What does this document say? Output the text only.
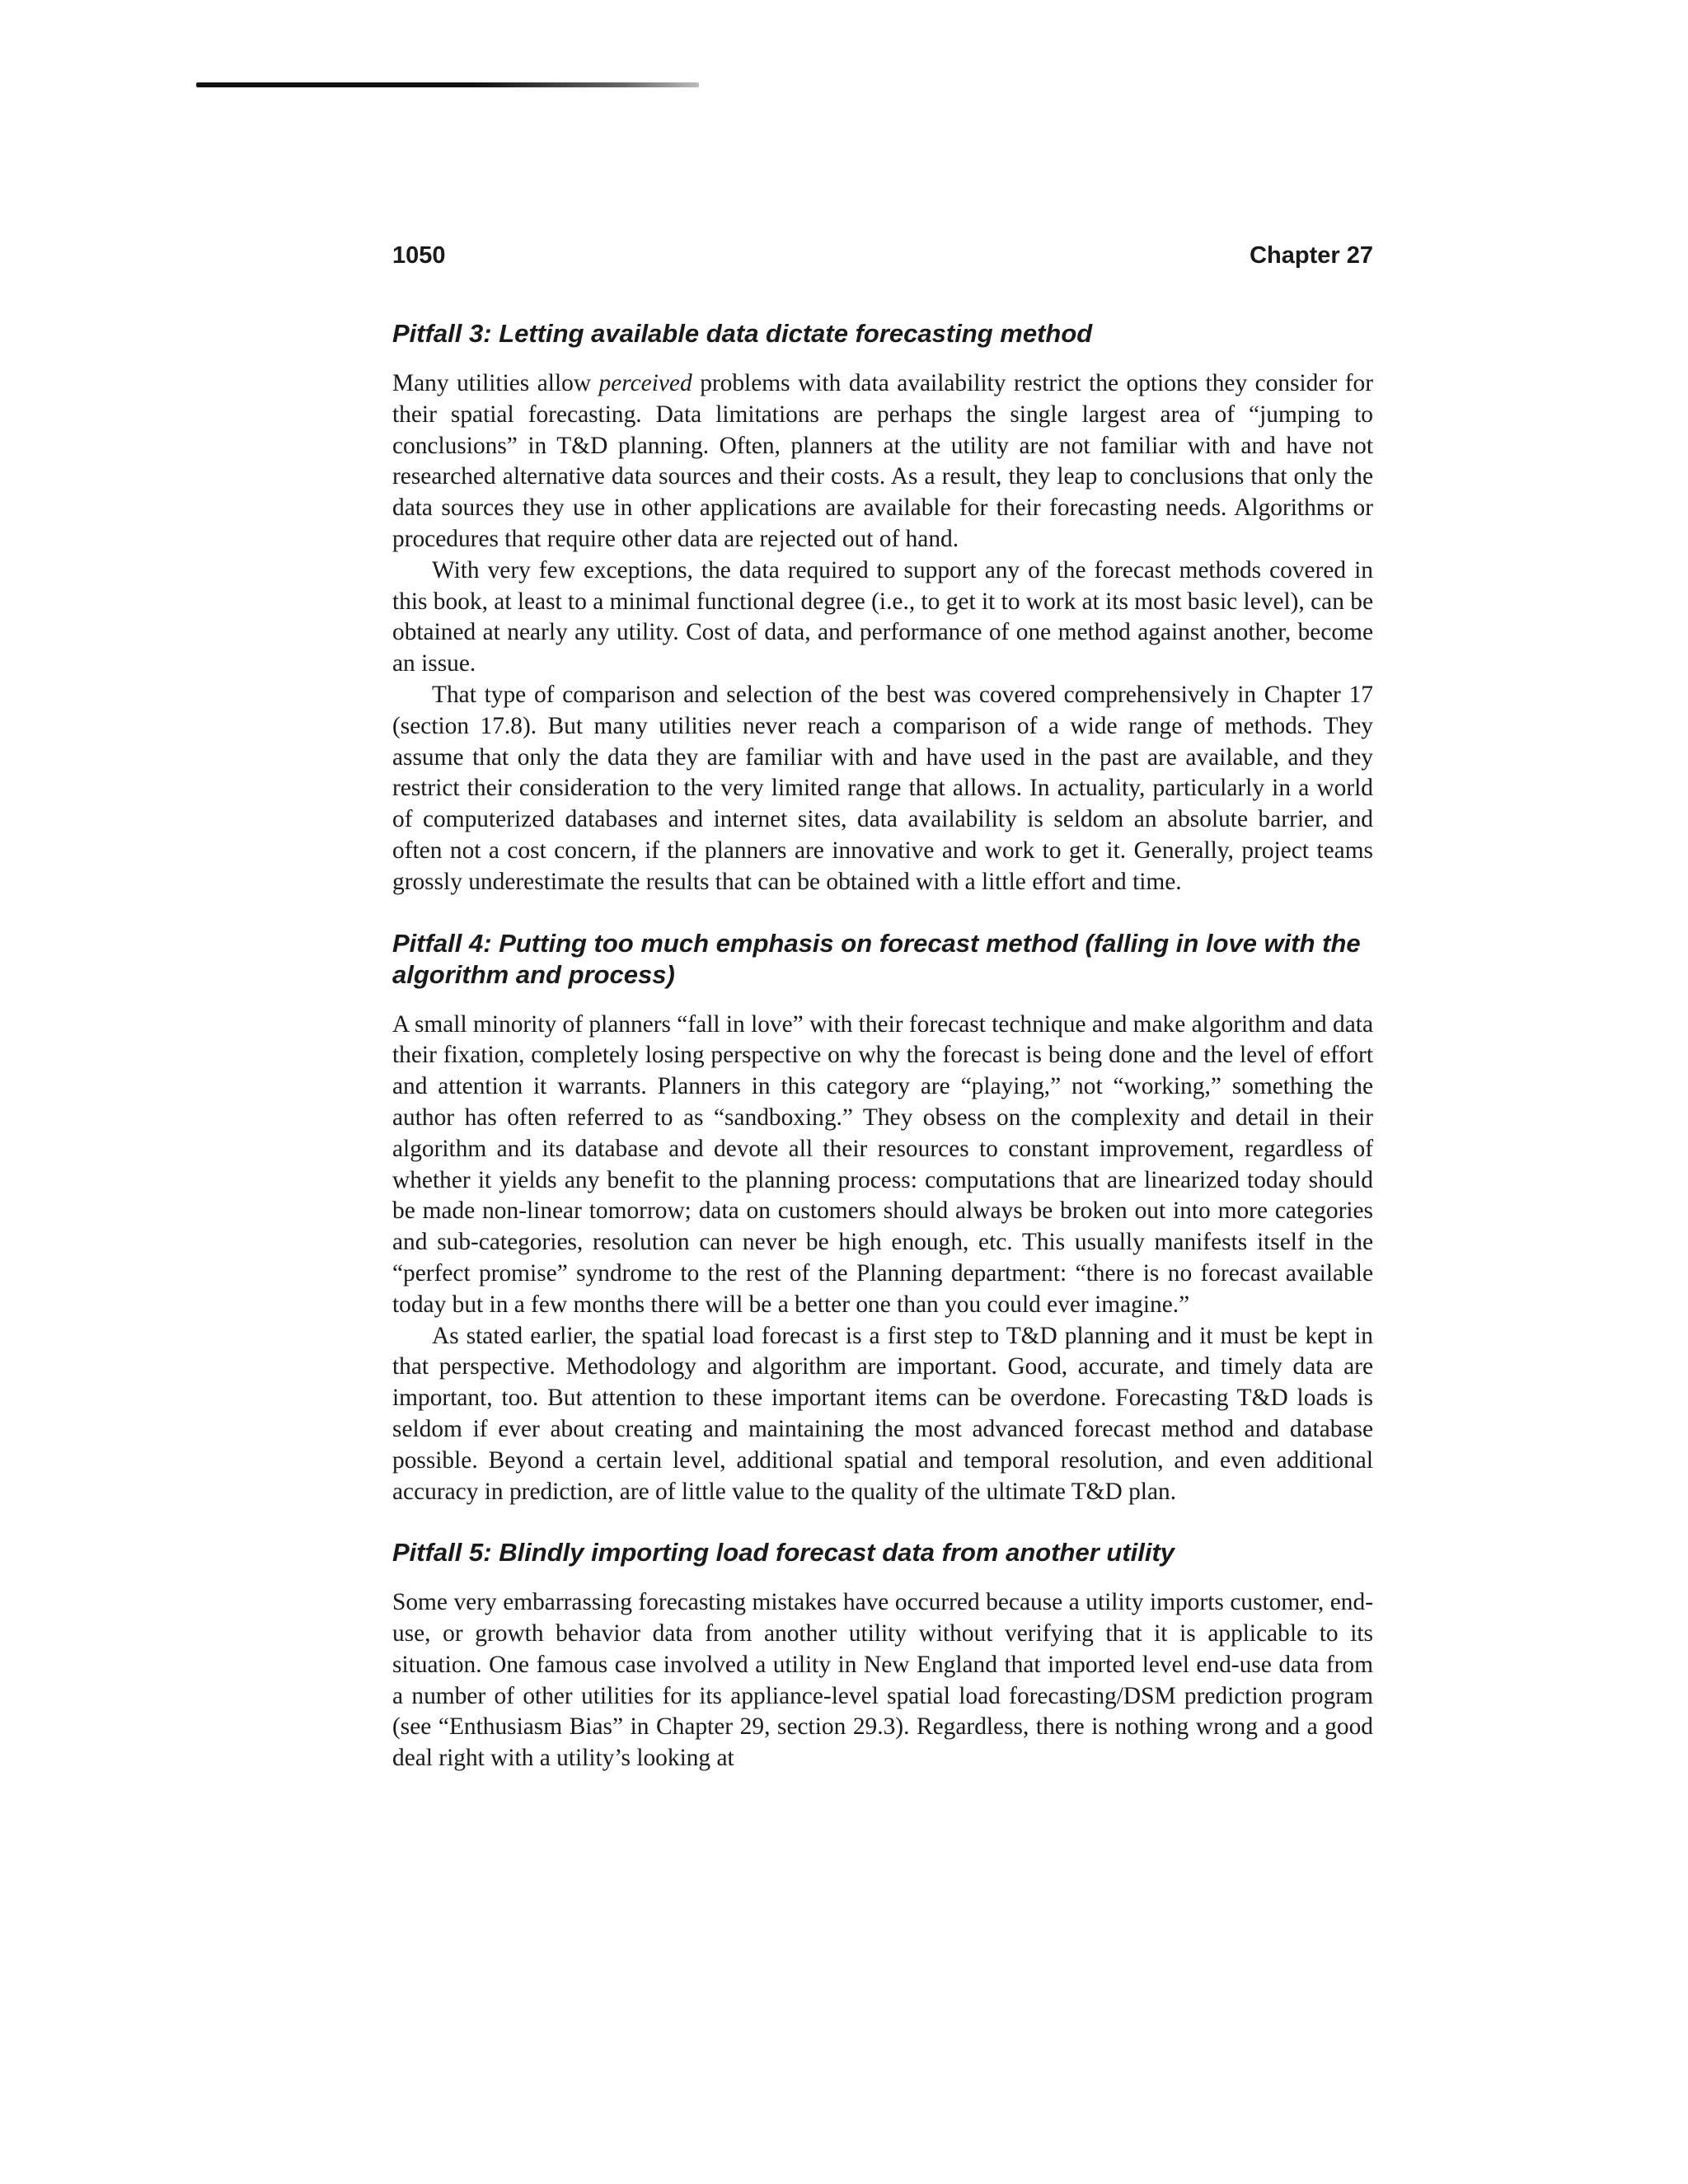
1050	Chapter 27
Pitfall 3: Letting available data dictate forecasting method

Many utilities allow perceived problems with data availability restrict the options they consider for their spatial forecasting. Data limitations are perhaps the single largest area of “jumping to conclusions” in T&D planning. Often, planners at the utility are not familiar with and have not researched alternative data sources and their costs. As a result, they leap to conclusions that only the data sources they use in other applications are available for their forecasting needs. Algorithms or procedures that require other data are rejected out of hand.

With very few exceptions, the data required to support any of the forecast methods covered in this book, at least to a minimal functional degree (i.e., to get it to work at its most basic level), can be obtained at nearly any utility. Cost of data, and performance of one method against another, become an issue.

That type of comparison and selection of the best was covered comprehensively in Chapter 17 (section 17.8). But many utilities never reach a comparison of a wide range of methods. They assume that only the data they are familiar with and have used in the past are available, and they restrict their consideration to the very limited range that allows. In actuality, particularly in a world of computerized databases and internet sites, data availability is seldom an absolute barrier, and often not a cost concern, if the planners are innovative and work to get it. Generally, project teams grossly underestimate the results that can be obtained with a little effort and time.

Pitfall 4: Putting too much emphasis on forecast method (falling in love with the algorithm and process)

A small minority of planners “fall in love” with their forecast technique and make algorithm and data their fixation, completely losing perspective on why the forecast is being done and the level of effort and attention it warrants. Planners in this category are “playing,” not “working,” something the author has often referred to as “sandboxing.” They obsess on the complexity and detail in their algorithm and its database and devote all their resources to constant improvement, regardless of whether it yields any benefit to the planning process: computations that are linearized today should be made non-linear tomorrow; data on customers should always be broken out into more categories and sub-categories, resolution can never be high enough, etc. This usually manifests itself in the “perfect promise” syndrome to the rest of the Planning department: “there is no forecast available today but in a few months there will be a better one than you could ever imagine.”

As stated earlier, the spatial load forecast is a first step to T&D planning and it must be kept in that perspective. Methodology and algorithm are important. Good, accurate, and timely data are important, too. But attention to these important items can be overdone. Forecasting T&D loads is seldom if ever about creating and maintaining the most advanced forecast method and database possible. Beyond a certain level, additional spatial and temporal resolution, and even additional accuracy in prediction, are of little value to the quality of the ultimate T&D plan.

Pitfall 5: Blindly importing load forecast data from another utility

Some very embarrassing forecasting mistakes have occurred because a utility imports customer, end-use, or growth behavior data from another utility without verifying that it is applicable to its situation. One famous case involved a utility in New England that imported level end-use data from a number of other utilities for its appliance-level spatial load forecasting/DSM prediction program (see “Enthusiasm Bias” in Chapter 29, section 29.3). Regardless, there is nothing wrong and a good deal right with a utility’s looking at
